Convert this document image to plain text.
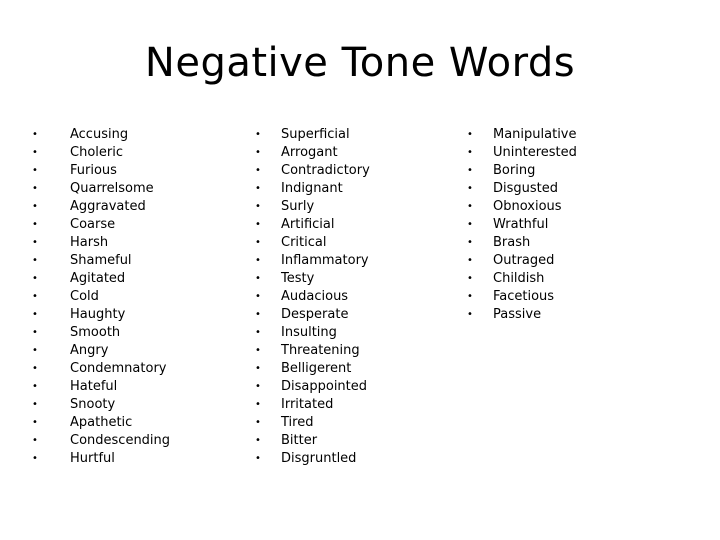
Negative Tone Words
• Accusing
• Choleric
• Furious
• Quarrelsome
• Aggravated
• Coarse
• Harsh
• Shameful
• Agitated
• Cold
• Haughty
• Smooth
• Angry
• Condemnatory
• Hateful
• Snooty
• Apathetic
• Condescending
• Hurtful
• Superficial
• Arrogant
• Contradictory
• Indignant
• Surly
• Artificial
• Critical
• Inflammatory
• Testy
• Audacious
• Desperate
• Insulting
• Threatening
• Belligerent
• Disappointed
• Irritated
• Tired
• Bitter
• Disgruntled
• Manipulative
• Uninterested
• Boring
• Disgusted
• Obnoxious
• Wrathful
• Brash
• Outraged
• Childish
• Facetious
• Passive
